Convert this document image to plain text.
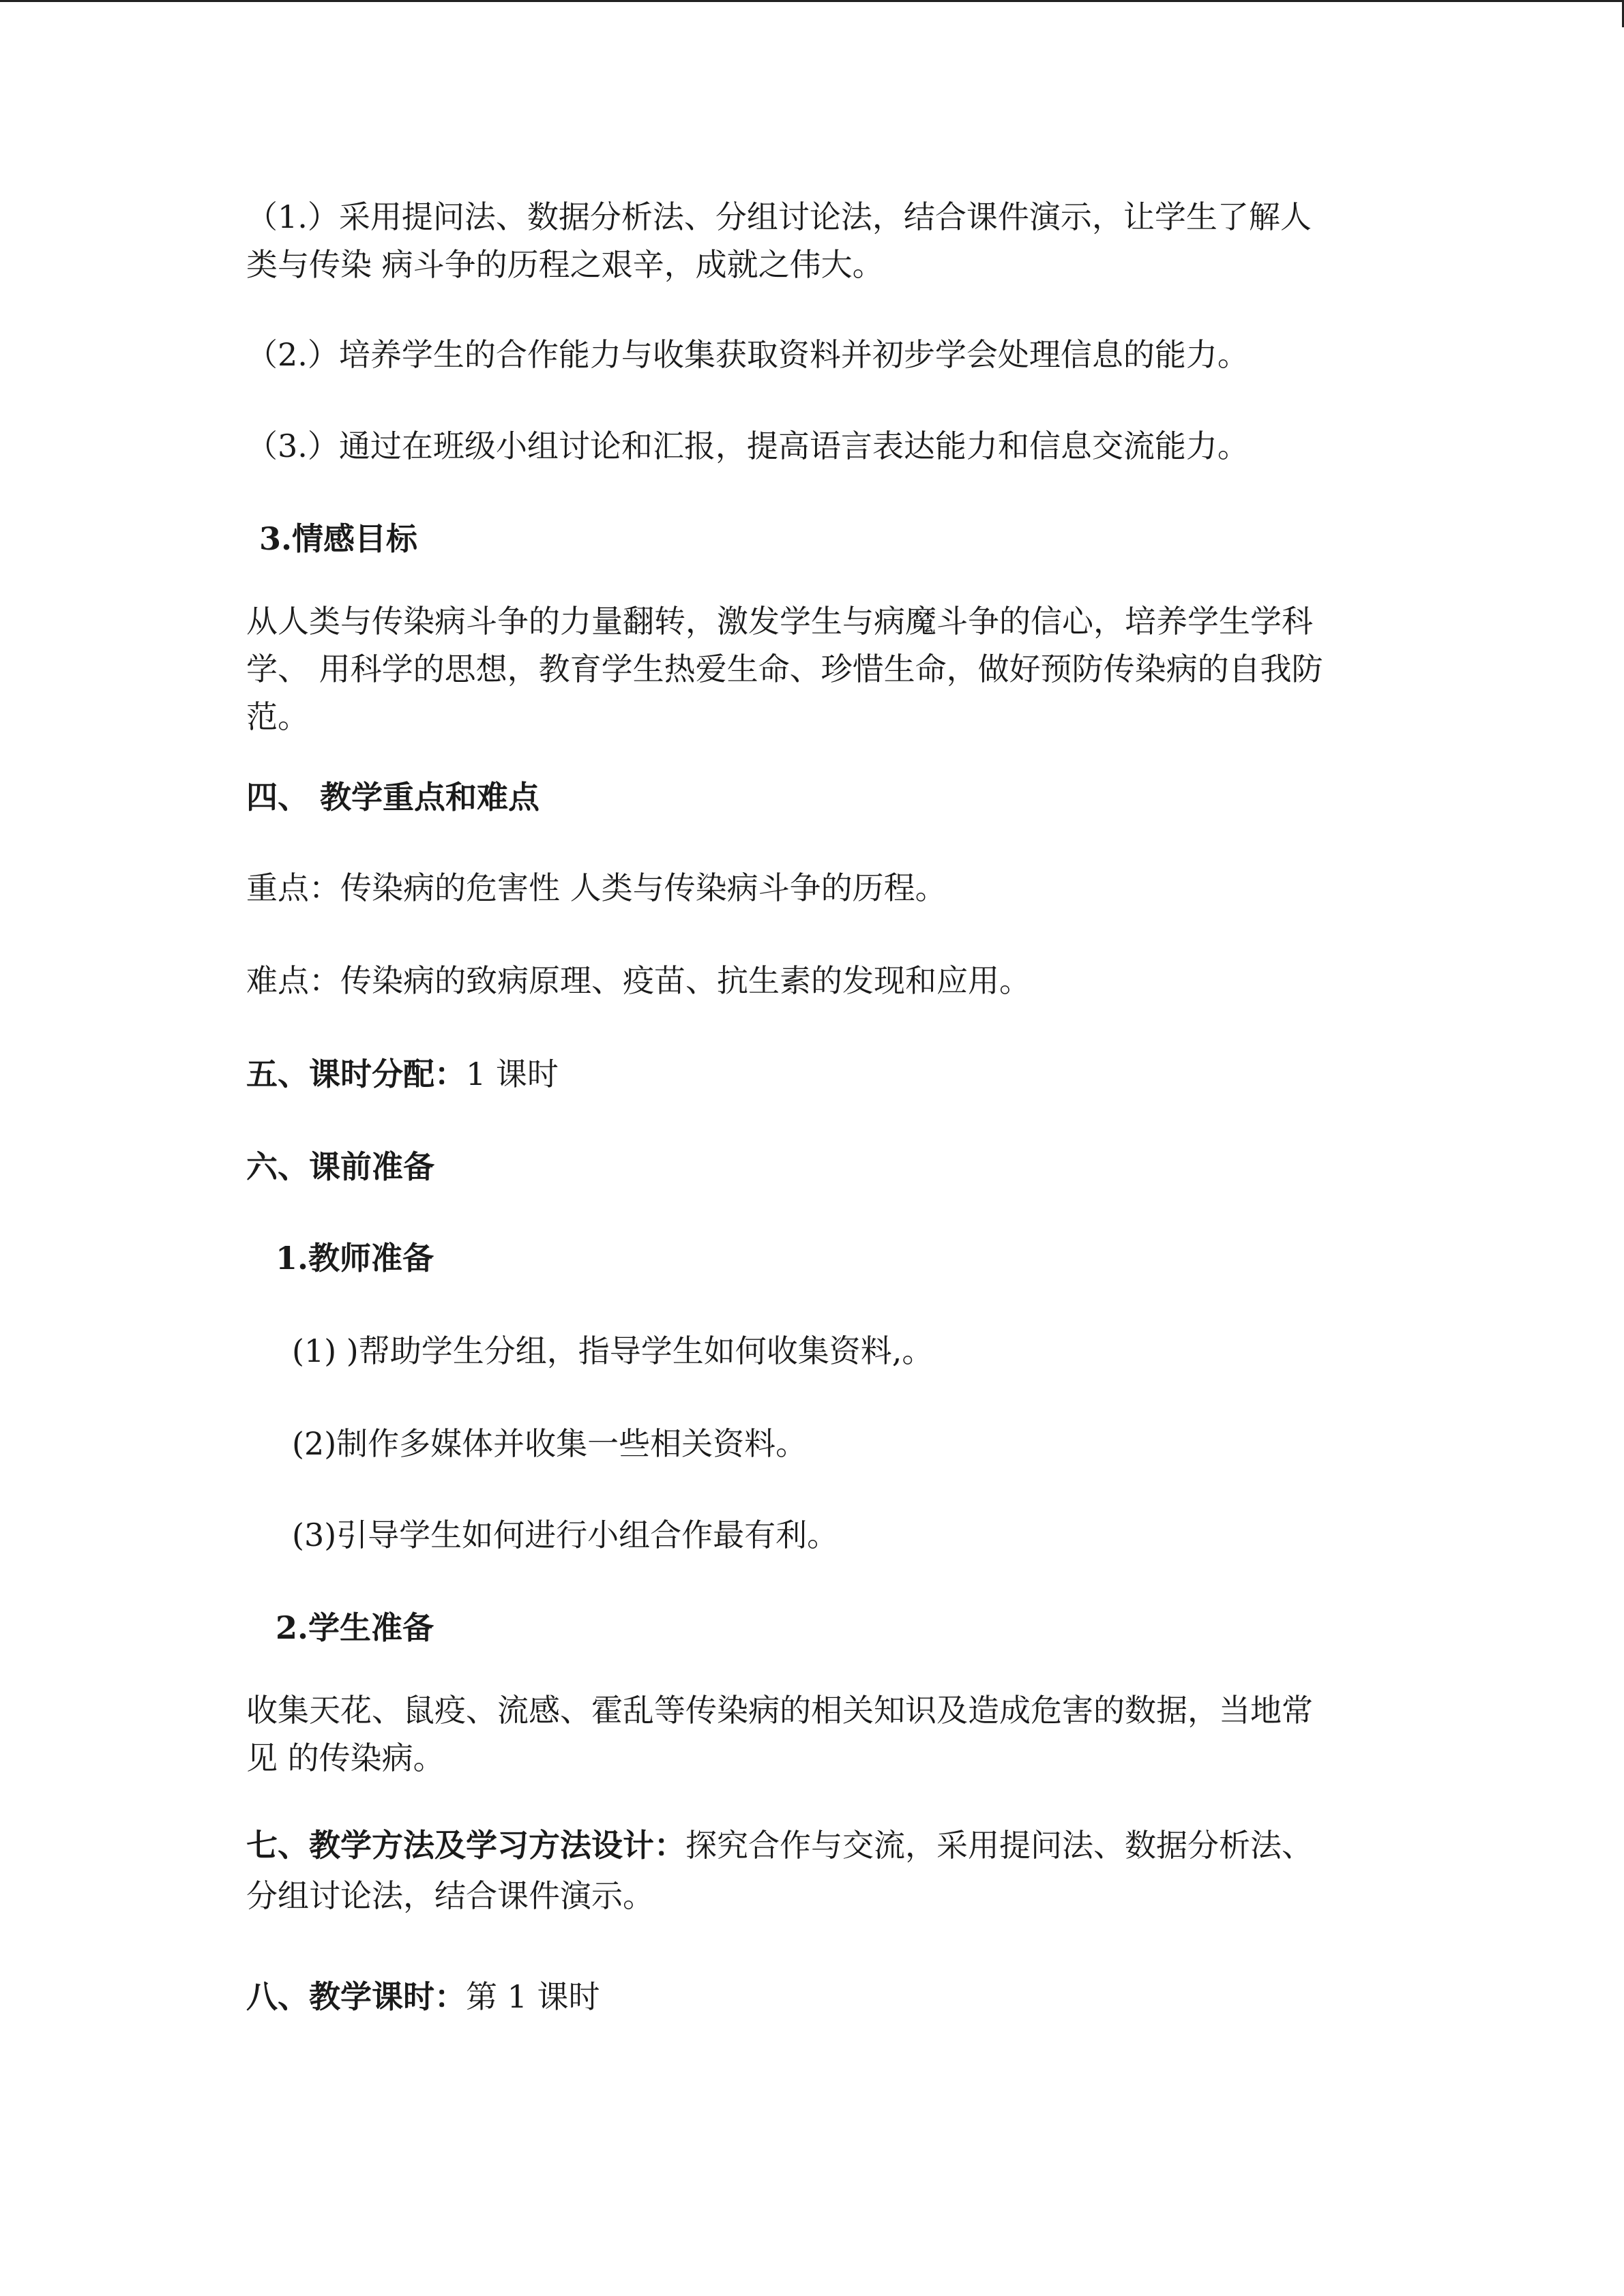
（1.）采用提问法、数据分析法、分组讨论法，结合课件演示，让学生了解人
类与传染 病斗争的历程之艰辛，成就之伟大。
（2.）培养学生的合作能力与收集获取资料并初步学会处理信息的能力。
（3.）通过在班级小组讨论和汇报，提高语言表达能力和信息交流能力。
3.情感目标
从人类与传染病斗争的力量翻转，激发学生与病魔斗争的信心，培养学生学科
学、 用科学的思想，教育学生热爱生命、珍惜生命，做好预防传染病的自我防
范。
四、 教学重点和难点
重点：传染病的危害性 人类与传染病斗争的历程。
难点：传染病的致病原理、疫苗、抗生素的发现和应用。
五、课时分配：1 课时
六、课前准备
1.教师准备
(1) )帮助学生分组，指导学生如何收集资料,。
(2)制作多媒体并收集一些相关资料。
(3)引导学生如何进行小组合作最有利。
2.学生准备
收集天花、鼠疫、流感、霍乱等传染病的相关知识及造成危害的数据，当地常
见 的传染病。
七、教学方法及学习方法设计：探究合作与交流，采用提问法、数据分析法、
分组讨论法，结合课件演示。
八、教学课时：第 1 课时
